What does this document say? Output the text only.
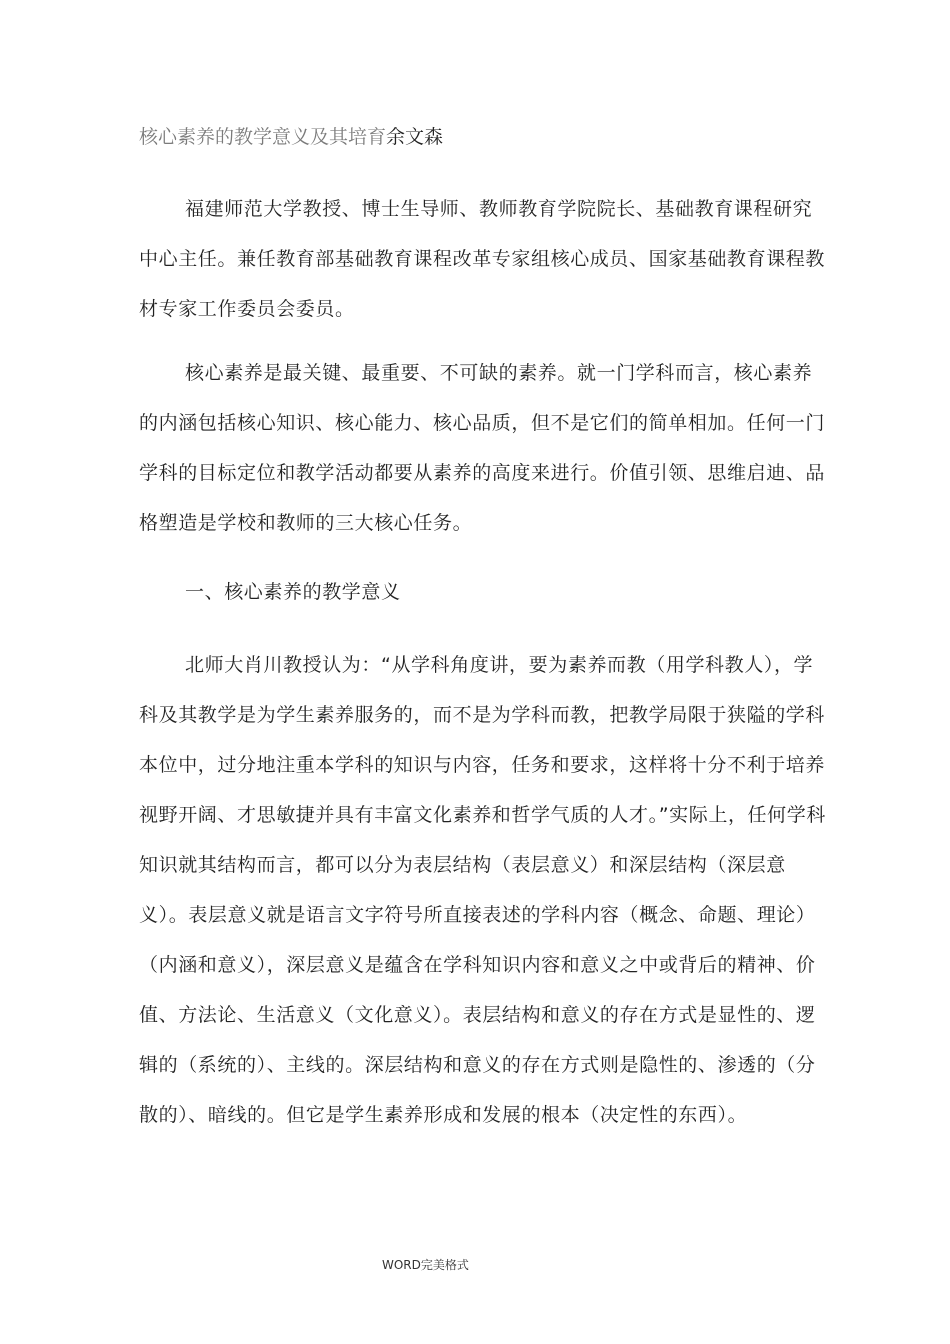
核心素养的教学意义及其培育余文森

福建师范大学教授、博士生导师、教师教育学院院长、基础教育课程研究中心主任。兼任教育部基础教育课程改革专家组核心成员、国家基础教育课程教材专家工作委员会委员。

核心素养是最关键、最重要、不可缺的素养。就一门学科而言，核心素养的内涵包括核心知识、核心能力、核心品质，但不是它们的简单相加。任何一门学科的目标定位和教学活动都要从素养的高度来进行。价值引领、思维启迪、品格塑造是学校和教师的三大核心任务。

一、核心素养的教学意义

北师大肖川教授认为：“从学科角度讲，要为素养而教（用学科教人），学科及其教学是为学生素养服务的，而不是为学科而教，把教学局限于狭隘的学科本位中，过分地注重本学科的知识与内容，任务和要求，这样将十分不利于培养视野开阔、才思敏捷并具有丰富文化素养和哲学气质的人才。”实际上，任何学科知识就其结构而言，都可以分为表层结构（表层意义）和深层结构（深层意义）。表层意义就是语言文字符号所直接表述的学科内容（概念、命题、理论）（内涵和意义），深层意义是蕴含在学科知识内容和意义之中或背后的精神、价值、方法论、生活意义（文化意义）。表层结构和意义的存在方式是显性的、逻辑的（系统的）、主线的。深层结构和意义的存在方式则是隐性的、渗透的（分散的）、暗线的。但它是学生素养形成和发展的根本（决定性的东西）。

WORD完美格式
